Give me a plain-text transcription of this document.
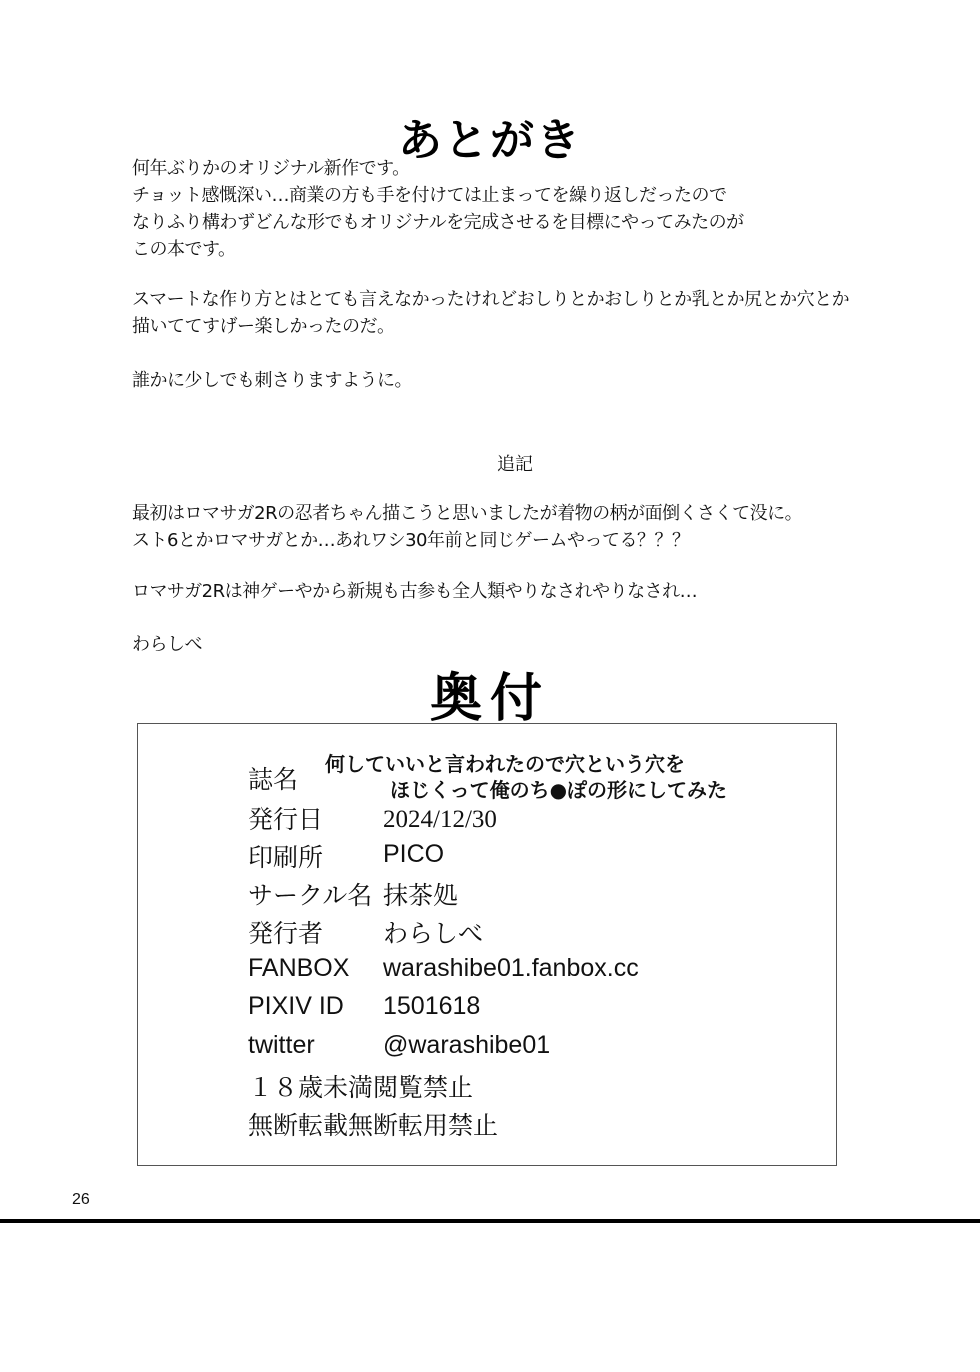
あとがき
何年ぶりかのオリジナル新作です。
チョット感慨深い…商業の方も手を付けては止まってを繰り返しだったので
なりふり構わずどんな形でもオリジナルを完成させるを目標にやってみたのが
この本です。
スマートな作り方とはとても言えなかったけれどおしりとかおしりとか乳とか尻とか穴とか
描いててすげー楽しかったのだ。
誰かに少しでも刺さりますように。
追記
最初はロマサガ2Rの忍者ちゃん描こうと思いましたが着物の柄が面倒くさくて没に。
スト6とかロマサガとか…あれワシ30年前と同じゲームやってる？？？
ロマサガ2Rは神ゲーやから新規も古参も全人類やりなされやりなされ…
わらしべ
奥付
誌名
何していいと言われたので穴という穴を
ほじくって俺のち●ぽの形にしてみた
発行日 2024/12/30
印刷所 PICO
サークル名 抹茶処
発行者 わらしべ
FANBOX warashibe01.fanbox.cc
PIXIV ID 1501618
twitter	@warashibe01
１８歳未満閲覧禁止
無断転載無断転用禁止
26
